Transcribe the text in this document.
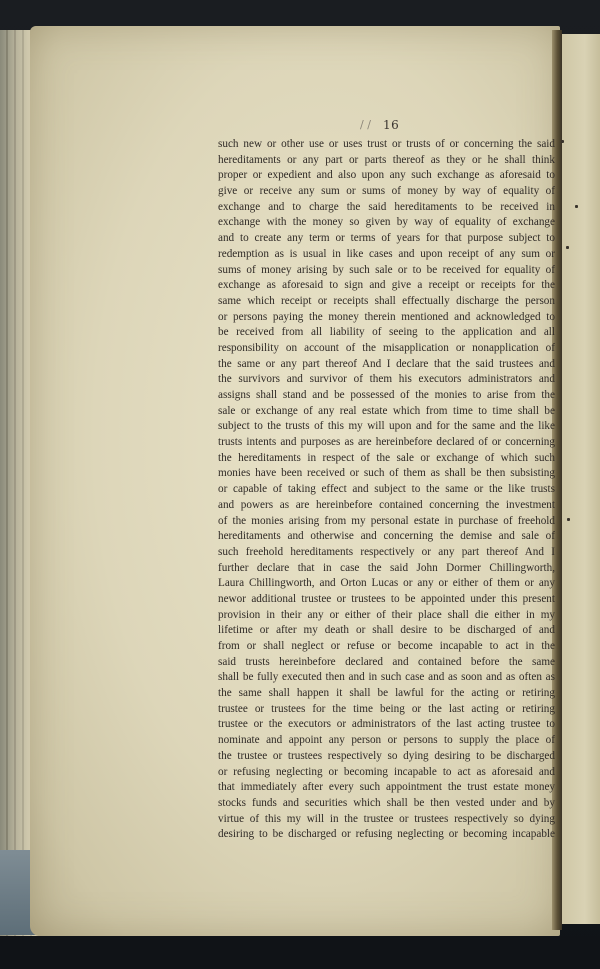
/ / 16

such new or other use or uses trust or trusts of or concerning the said
hereditaments or any part or parts thereof as they or he shall think
proper or expedient and also upon any such exchange as aforesaid to
give or receive any sum or sums of money by way of equality of
exchange and to charge the said hereditaments to be received in
exchange with the money so given by way of equality of exchange
and to create any term or terms of years for that purpose subject to
redemption as is usual in like cases and upon receipt of any sum or
sums of money arising by such sale or to be received for equality of
exchange as aforesaid to sign and give a receipt or receipts for the
same which receipt or receipts shall effectually discharge the person
or persons paying the money therein mentioned and acknowledged to
be received from all liability of seeing to the application and all
responsibility on account of the misapplication or nonapplication of
the same or any part thereof And I declare that the said trustees and
the survivors and survivor of them his executors administrators and
assigns shall stand and be possessed of the monies to arise from the
sale or exchange of any real estate which from time to time shall be
subject to the trusts of this my will upon and for the same and the like
trusts intents and purposes as are hereinbefore declared of or concerning
the hereditaments in respect of the sale or exchange of which such
monies have been received or such of them as shall be then subsisting
or capable of taking effect and subject to the same or the like trusts
and powers as are hereinbefore contained concerning the investment
of the monies arising from my personal estate in purchase of freehold
hereditaments and otherwise and concerning the demise and sale of
such freehold hereditaments respectively or any part thereof And I
further declare that in case the said John Dormer Chillingworth,
Laura Chillingworth, and Orton Lucas or any or either of them or any
newor additional trustee or trustees to be appointed under this present
provision in their any or either of their place shall die either in my
lifetime or after my death or shall desire to be discharged of and
from or shall neglect or refuse or become incapable to act in the
said trusts hereinbefore declared and contained before the same
shall be fully executed then and in such case and as soon and as often as
the same shall happen it shall be lawful for the acting or retiring
trustee or trustees for the time being or the last acting or retiring
trustee or the executors or administrators of the last acting trustee to
nominate and appoint any person or persons to supply the place of
the trustee or trustees respectively so dying desiring to be discharged
or refusing neglecting or becoming incapable to act as aforesaid and
that immediately after every such appointment the trust estate money
stocks funds and securities which shall be then vested under and by
virtue of this my will in the trustee or trustees respectively so dying
desiring to be discharged or refusing neglecting or becoming incapable
